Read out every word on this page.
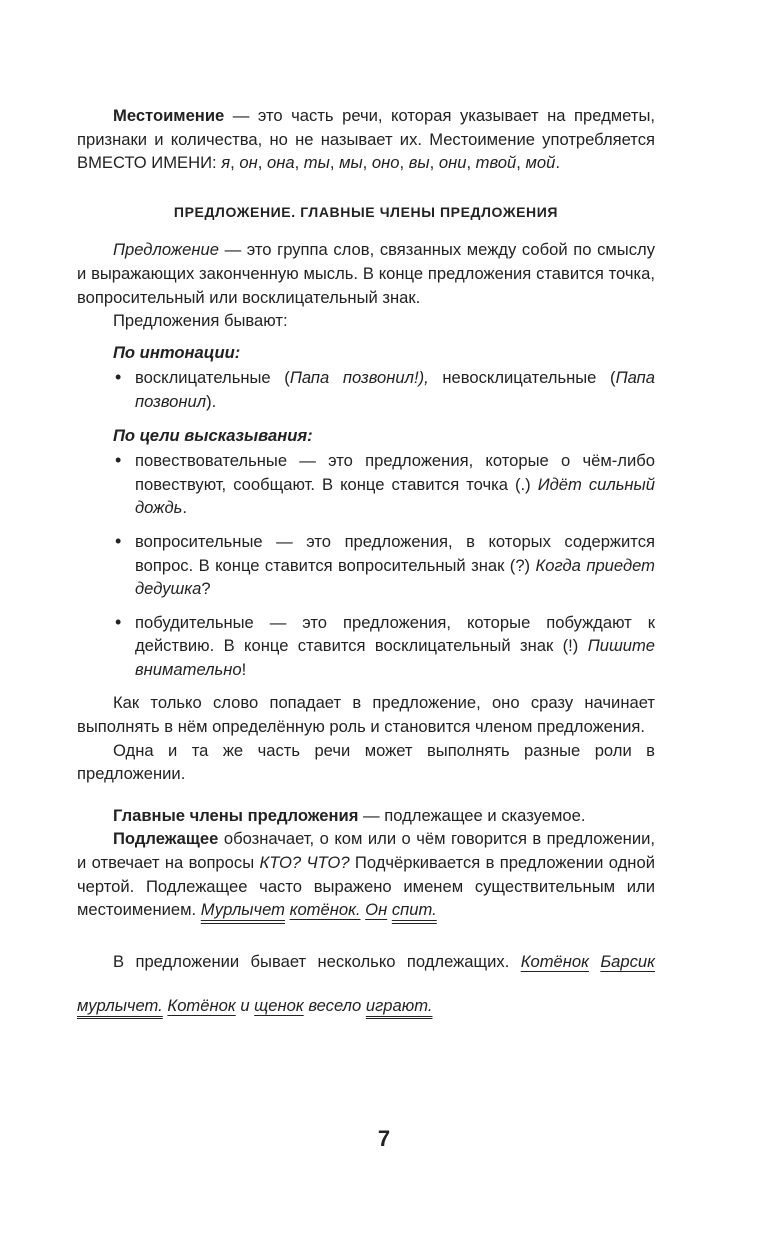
Местоимение — это часть речи, которая указывает на предметы, признаки и количества, но не называет их. Местоимение употребляется ВМЕСТО ИМЕНИ: я, он, она, ты, мы, оно, вы, они, твой, мой.

ПРЕДЛОЖЕНИЕ. ГЛАВНЫЕ ЧЛЕНЫ ПРЕДЛОЖЕНИЯ

Предложение — это группа слов, связанных между собой по смыслу и выражающих законченную мысль. В конце предложения ставится точка, вопросительный или восклицательный знак.

Предложения бывают:

По интонации:

• восклицательные (Папа позвонил!), невосклицательные (Папа позвонил).

По цели высказывания:

• повествовательные — это предложения, которые о чём-либо повествуют, сообщают. В конце ставится точка (.) Идёт сильный дождь.
• вопросительные — это предложения, в которых содержится вопрос. В конце ставится вопросительный знак (?) Когда приедет дедушка?
• побудительные — это предложения, которые побуждают к действию. В конце ставится восклицательный знак (!) Пишите внимательно!

Как только слово попадает в предложение, оно сразу начинает выполнять в нём определённую роль и становится членом предложения.

Одна и та же часть речи может выполнять разные роли в предложении.

Главные члены предложения — подлежащее и сказуемое.

Подлежащее обозначает, о ком или о чём говорится в предложении, и отвечает на вопросы КТО? ЧТО? Подчёркивается в предложении одной чертой. Подлежащее часто выражено именем существительным или местоимением. Мурлычет котёнок. Он спит.

В предложении бывает несколько подлежащих. Котёнок Барсик мурлычет. Котёнок и щенок весело играют.

7
